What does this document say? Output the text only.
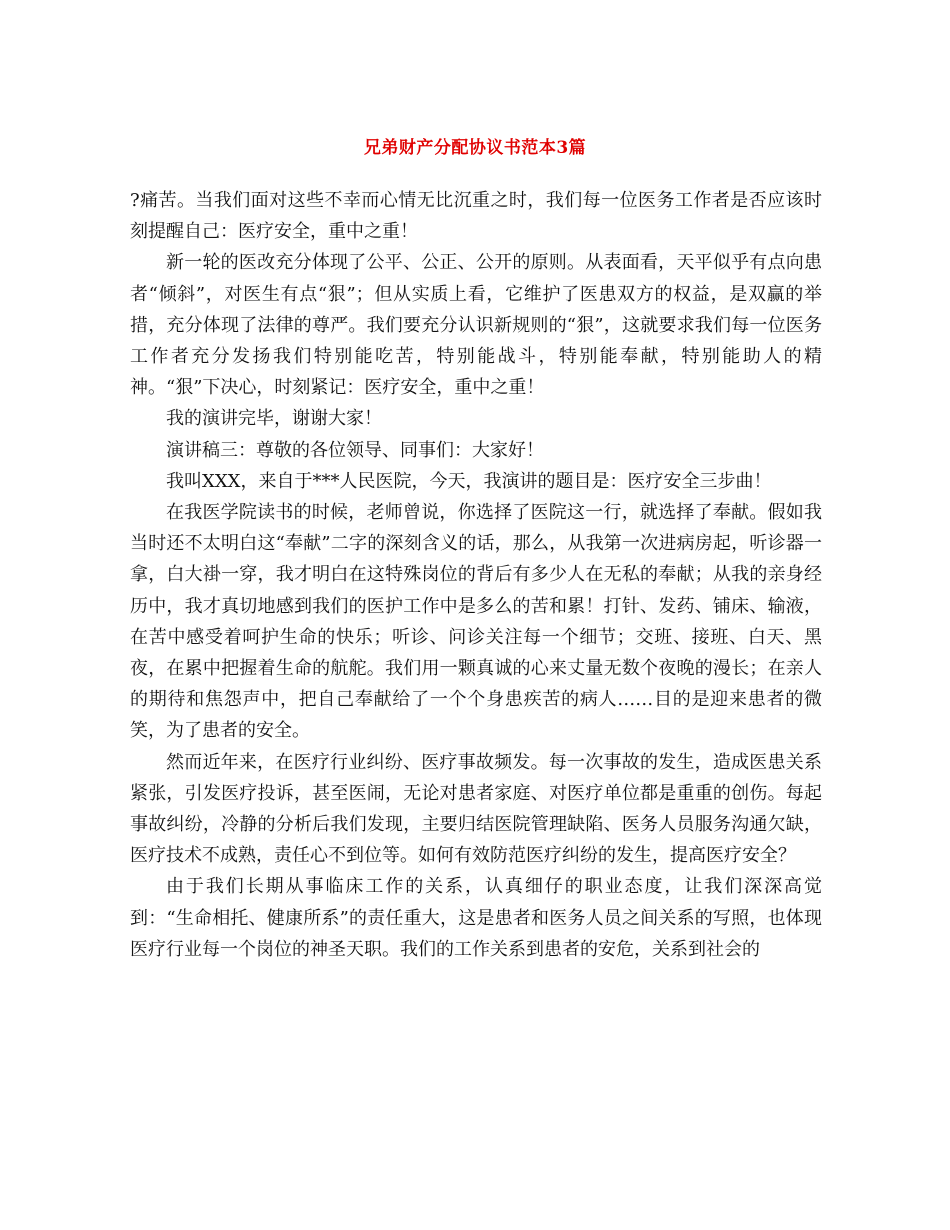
兄弟财产分配协议书范本3篇

?痛苦。当我们面对这些不幸而心情无比沉重之时，我们每一位医务工作者是否应该时刻提醒自己：医疗安全，重中之重！

新一轮的医改充分体现了公平、公正、公开的原则。从表面看，天平似乎有点向患者“倾斜”，对医生有点“狠”；但从实质上看，它维护了医患双方的权益，是双赢的举措，充分体现了法律的尊严。我们要充分认识新规则的“狠”，这就要求我们每一位医务工作者充分发扬我们特别能吃苦，特别能战斗，特别能奉献，特别能助人的精神。“狠”下决心，时刻紧记：医疗安全，重中之重！

我的演讲完毕，谢谢大家！

演讲稿三：尊敬的各位领导、同事们：大家好！

我叫XXX，来自于***人民医院，今天，我演讲的题目是：医疗安全三步曲！

在我医学院读书的时候，老师曾说，你选择了医院这一行，就选择了奉献。假如我当时还不太明白这“奉献”二字的深刻含义的话，那么，从我第一次进病房起，听诊器一拿，白大褂一穿，我才明白在这特殊岗位的背后有多少人在无私的奉献；从我的亲身经历中，我才真切地感到我们的医护工作中是多么的苦和累！打针、发药、铺床、输液，在苦中感受着呵护生命的快乐；听诊、问诊关注每一个细节；交班、接班、白天、黑夜，在累中把握着生命的航舵。我们用一颗真诚的心来丈量无数个夜晚的漫长；在亲人的期待和焦怨声中，把自己奉献给了一个个身患疾苦的病人……目的是迎来患者的微笑，为了患者的安全。

然而近年来，在医疗行业纠纷、医疗事故频发。每一次事故的发生，造成医患关系紧张，引发医疗投诉，甚至医闹，无论对患者家庭、对医疗单位都是重重的创伤。每起事故纠纷，冷静的分析后我们发现，主要归结医院管理缺陷、医务人员服务沟通欠缺，医疗技术不成熟，责任心不到位等。如何有效防范医疗纠纷的发生，提高医疗安全？

由于我们长期从事临床工作的关系，认真细仔的职业态度，让我们深深高觉到：“生命相托、健康所系”的责任重大，这是患者和医务人员之间关系的写照，也体现医疗行业每一个岗位的神圣天职。我们的工作关系到患者的安危，关系到社会的
